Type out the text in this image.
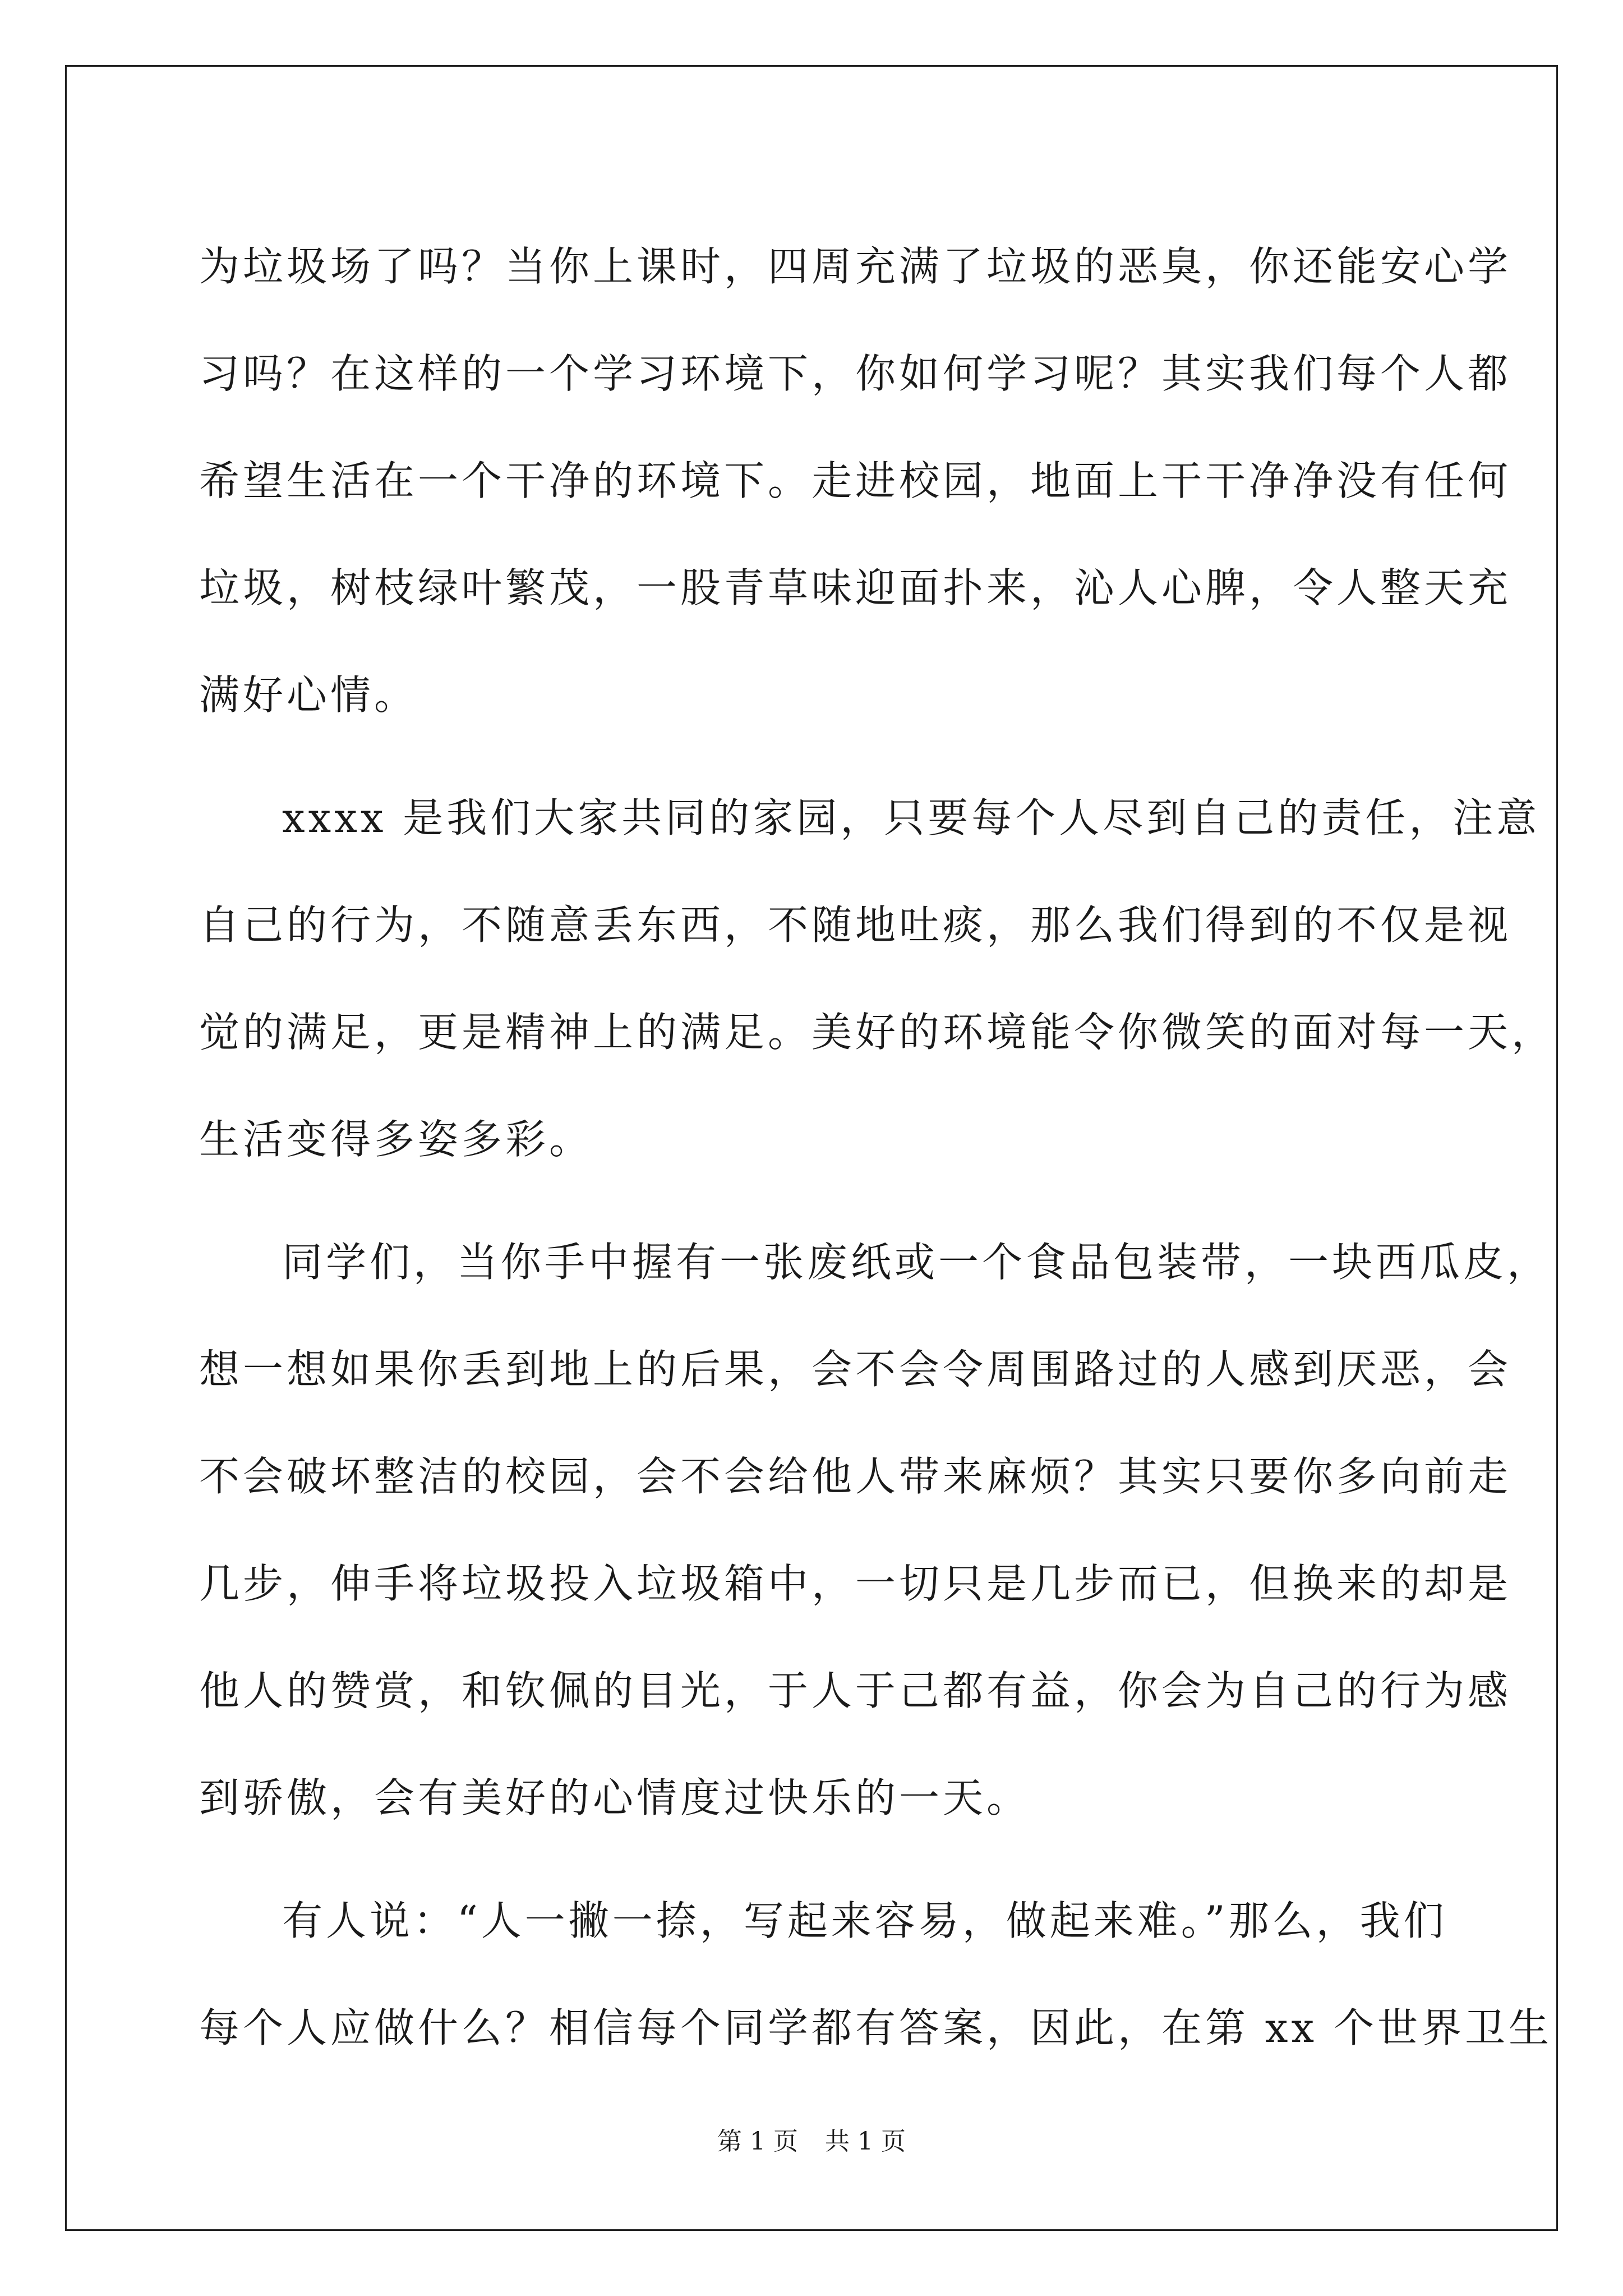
为垃圾场了吗？当你上课时，四周充满了垃圾的恶臭，你还能安心学
习吗？在这样的一个学习环境下，你如何学习呢？其实我们每个人都
希望生活在一个干净的环境下。走进校园，地面上干干净净没有任何
垃圾，树枝绿叶繁茂，一股青草味迎面扑来，沁人心脾，令人整天充
满好心情。
xxxx 是我们大家共同的家园，只要每个人尽到自己的责任，注意
自己的行为，不随意丢东西，不随地吐痰，那么我们得到的不仅是视
觉的满足，更是精神上的满足。美好的环境能令你微笑的面对每一天，
生活变得多姿多彩。
同学们，当你手中握有一张废纸或一个食品包装带，一块西瓜皮，
想一想如果你丢到地上的后果，会不会令周围路过的人感到厌恶，会
不会破坏整洁的校园，会不会给他人带来麻烦？其实只要你多向前走
几步，伸手将垃圾投入垃圾箱中，一切只是几步而已，但换来的却是
他人的赞赏，和钦佩的目光，于人于己都有益，你会为自己的行为感
到骄傲，会有美好的心情度过快乐的一天。
有人说：“人一撇一捺，写起来容易，做起来难。”那么，我们
每个人应做什么？相信每个同学都有答案，因此，在第 xx 个世界卫生
第 1 页 共 1 页
